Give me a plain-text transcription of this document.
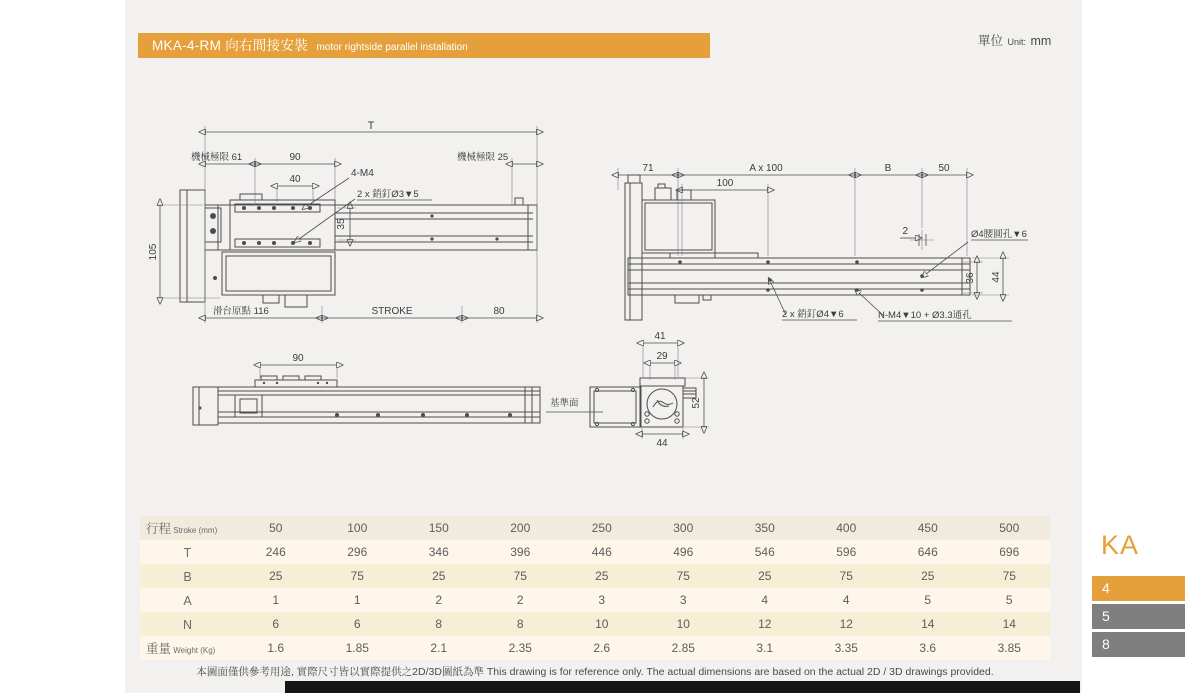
MKA-4-RM 向右間接安裝 motor rightside parallel installation	單位 Unit: mm
T
機械極限 61	90
40
4-M4
2 x 銷釘Ø3▼5
機械極限 25
105
35
滑台原點 116	STROKE	80
71	A x 100	B	50
100
2	Ø4腰圓孔▼6
36 44
2 x 銷釘Ø4▼6	N-M4▼10 + Ø3.3通孔
90
基準面
41
29
52
44
行程 Stroke (mm)	50	100	150	200	250	300	350	400	450	500
T	246	296	346	396	446	496	546	596	646	696
B	25	75	25	75	25	75	25	75	25	75
A	1	1	2	2	3	3	4	4	5	5
N	6	6	8	8	10	10	12	12	14	14
重量 Weight (Kg)	1.6	1.85	2.1	2.35	2.6	2.85	3.1	3.35	3.6	3.85
KA
4
5
8
本圖面僅供參考用途, 實際尺寸皆以實際提供之2D/3D圖紙為準 This drawing is for reference only. The actual dimensions are based on the actual 2D / 3D drawings provided.
